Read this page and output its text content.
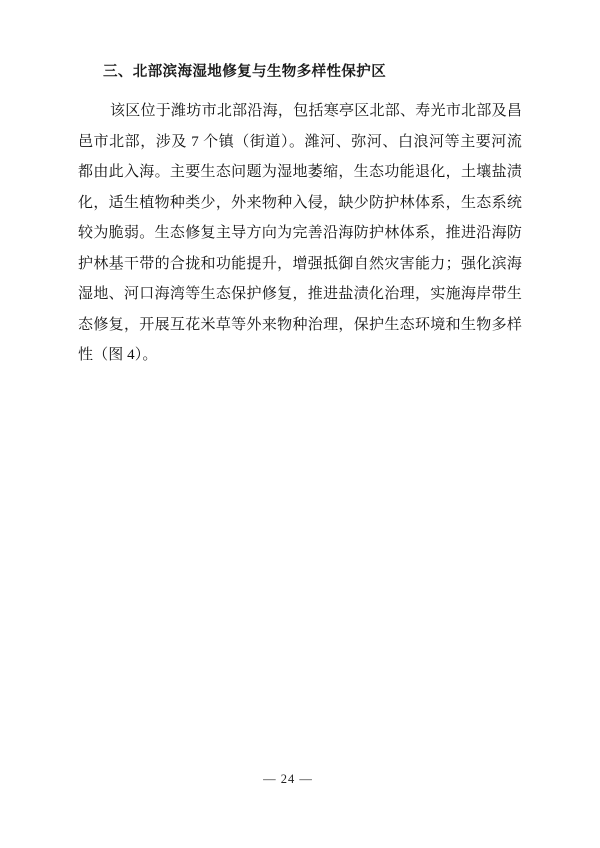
三、北部滨海湿地修复与生物多样性保护区

该区位于潍坊市北部沿海，包括寒亭区北部、寿光市北部及昌邑市北部，涉及 7 个镇（街道）。潍河、弥河、白浪河等主要河流都由此入海。主要生态问题为湿地萎缩，生态功能退化，土壤盐渍化，适生植物种类少，外来物种入侵，缺少防护林体系，生态系统较为脆弱。生态修复主导方向为完善沿海防护林体系，推进沿海防护林基干带的合拢和功能提升，增强抵御自然灾害能力；强化滨海湿地、河口海湾等生态保护修复，推进盐渍化治理，实施海岸带生态修复，开展互花米草等外来物种治理，保护生态环境和生物多样性（图 4）。

— 24 —
